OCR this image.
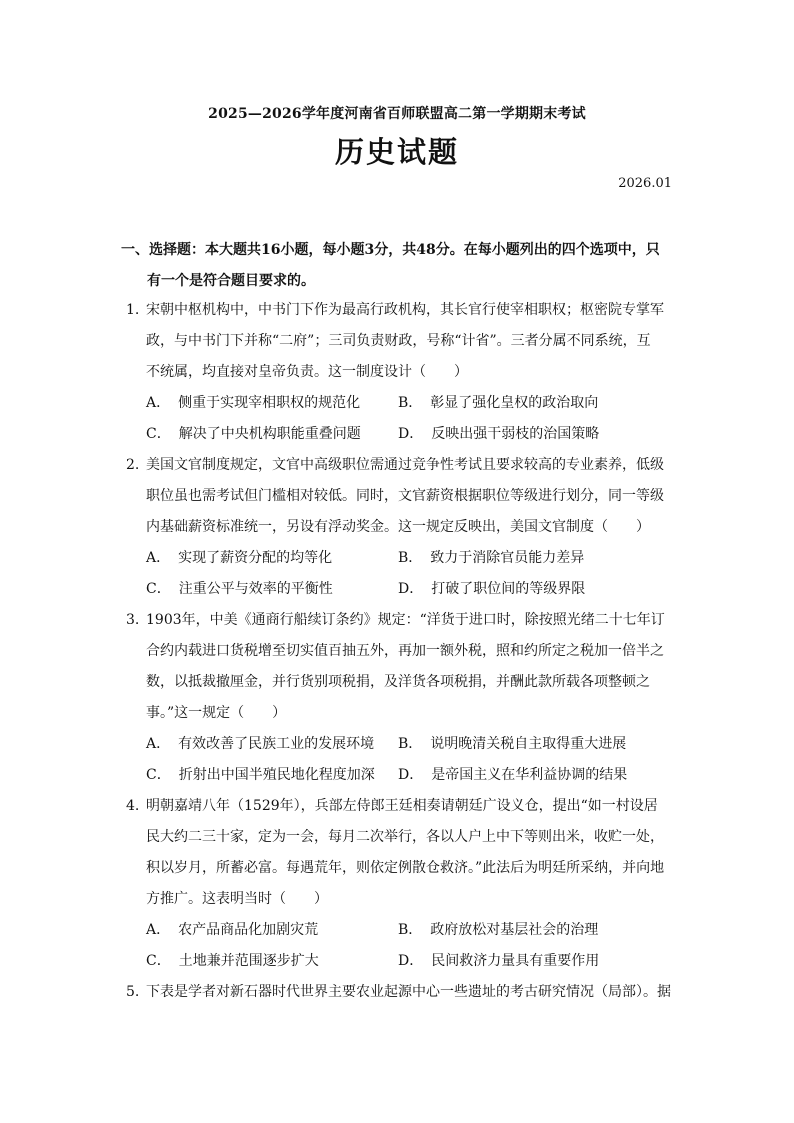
2025—2026学年度河南省百师联盟高二第一学期期末考试
历史试题
2026.01
一、选择题：本大题共16小题，每小题3分，共48分。在每小题列出的四个选项中，只
有一个是符合题目要求的。
1. 宋朝中枢机构中，中书门下作为最高行政机构，其长官行使宰相职权；枢密院专掌军
政，与中书门下并称“二府”；三司负责财政，号称“计省”。三者分属不同系统，互
不统属，均直接对皇帝负责。这一制度设计（　　）
A． 侧重于实现宰相职权的规范化	B． 彰显了强化皇权的政治取向
C． 解决了中央机构职能重叠问题	D． 反映出强干弱枝的治国策略
2. 美国文官制度规定，文官中高级职位需通过竞争性考试且要求较高的专业素养，低级
职位虽也需考试但门槛相对较低。同时，文官薪资根据职位等级进行划分，同一等级
内基础薪资标准统一，另设有浮动奖金。这一规定反映出，美国文官制度（　　）
A． 实现了薪资分配的均等化	B． 致力于消除官员能力差异
C． 注重公平与效率的平衡性	D． 打破了职位间的等级界限
3. 1903年，中美《通商行船续订条约》规定：“洋货于进口时，除按照光绪二十七年订
合约内载进口货税增至切实值百抽五外，再加一额外税，照和约所定之税加一倍半之
数，以抵裁撤厘金，并行货别项税捐，及洋货各项税捐，并酬此款所载各项整顿之
事。”这一规定（　　）
A． 有效改善了民族工业的发展环境	B． 说明晚清关税自主取得重大进展
C． 折射出中国半殖民地化程度加深	D． 是帝国主义在华利益协调的结果
4. 明朝嘉靖八年（1529年），兵部左侍郎王廷相奏请朝廷广设义仓，提出“如一村设居
民大约二三十家，定为一会，每月二次举行，各以人户上中下等则出米，收贮一处，
积以岁月，所蓄必富。每遇荒年，则依定例散仓救济。”此法后为明廷所采纳，并向地
方推广。这表明当时（　　）
A． 农产品商品化加剧灾荒	B． 政府放松对基层社会的治理
C． 土地兼并范围逐步扩大	D． 民间救济力量具有重要作用
5. 下表是学者对新石器时代世界主要农业起源中心一些遗址的考古研究情况（局部）。据
